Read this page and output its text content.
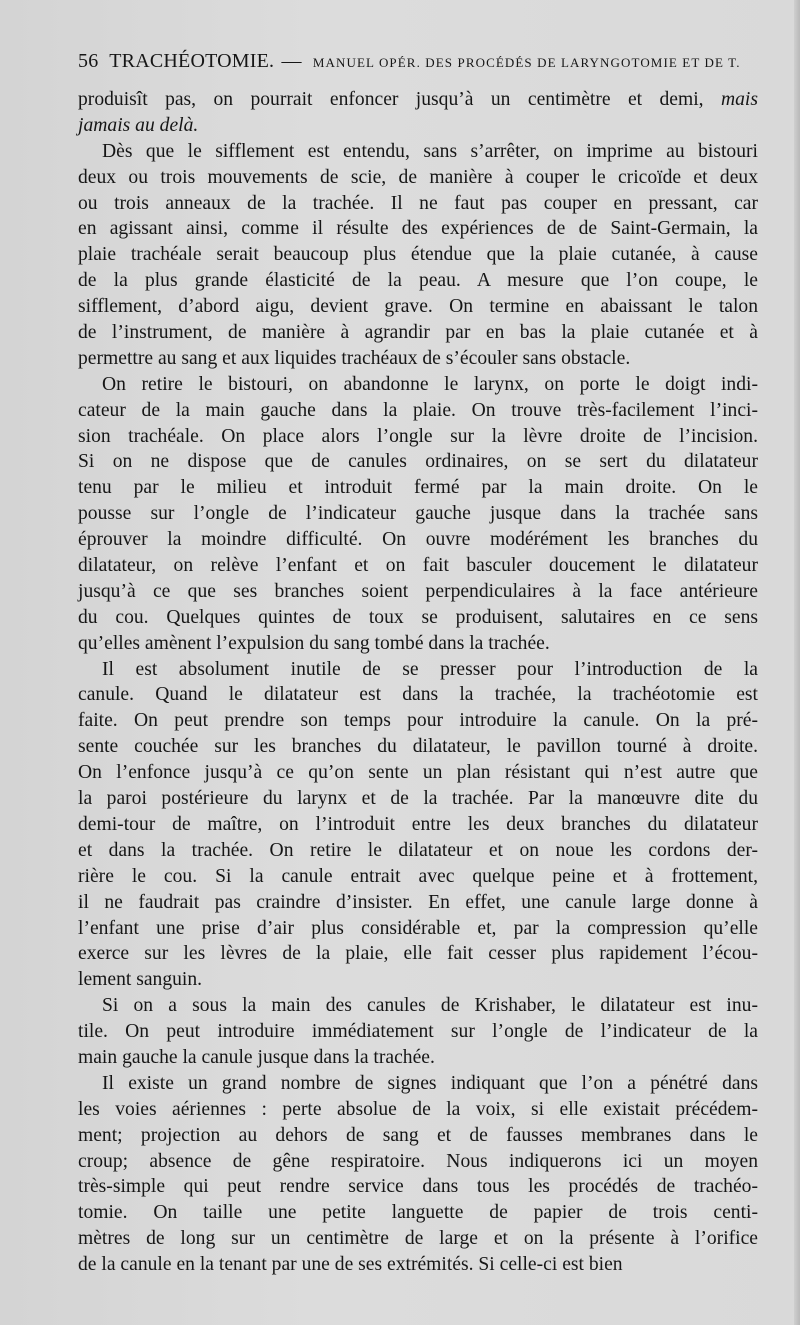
56 TRACHÉOTOMIE. — MANUEL OPÉR. DES PROCÉDÉS DE LARYNGOTOMIE ET DE T.
produisît pas, on pourrait enfoncer jusqu’à un centimètre et demi, mais
jamais au delà.
Dès que le sifflement est entendu, sans s’arrêter, on imprime au bistouri
deux ou trois mouvements de scie, de manière à couper le cricoïde et deux
ou trois anneaux de la trachée. Il ne faut pas couper en pressant, car
en agissant ainsi, comme il résulte des expériences de de Saint-Germain, la
plaie trachéale serait beaucoup plus étendue que la plaie cutanée, à cause
de la plus grande élasticité de la peau. A mesure que l’on coupe, le
sifflement, d’abord aigu, devient grave. On termine en abaissant le talon
de l’instrument, de manière à agrandir par en bas la plaie cutanée et à
permettre au sang et aux liquides trachéaux de s’écouler sans obstacle.
On retire le bistouri, on abandonne le larynx, on porte le doigt indi-
cateur de la main gauche dans la plaie. On trouve très-facilement l’inci-
sion trachéale. On place alors l’ongle sur la lèvre droite de l’incision.
Si on ne dispose que de canules ordinaires, on se sert du dilatateur
tenu par le milieu et introduit fermé par la main droite. On le
pousse sur l’ongle de l’indicateur gauche jusque dans la trachée sans
éprouver la moindre difficulté. On ouvre modérément les branches du
dilatateur, on relève l’enfant et on fait basculer doucement le dilatateur
jusqu’à ce que ses branches soient perpendiculaires à la face antérieure
du cou. Quelques quintes de toux se produisent, salutaires en ce sens
qu’elles amènent l’expulsion du sang tombé dans la trachée.
Il est absolument inutile de se presser pour l’introduction de la
canule. Quand le dilatateur est dans la trachée, la trachéotomie est
faite. On peut prendre son temps pour introduire la canule. On la pré-
sente couchée sur les branches du dilatateur, le pavillon tourné à droite.
On l’enfonce jusqu’à ce qu’on sente un plan résistant qui n’est autre que
la paroi postérieure du larynx et de la trachée. Par la manœuvre dite du
demi-tour de maître, on l’introduit entre les deux branches du dilatateur
et dans la trachée. On retire le dilatateur et on noue les cordons der-
rière le cou. Si la canule entrait avec quelque peine et à frottement,
il ne faudrait pas craindre d’insister. En effet, une canule large donne à
l’enfant une prise d’air plus considérable et, par la compression qu’elle
exerce sur les lèvres de la plaie, elle fait cesser plus rapidement l’écou-
lement sanguin.
Si on a sous la main des canules de Krishaber, le dilatateur est inu-
tile. On peut introduire immédiatement sur l’ongle de l’indicateur de la
main gauche la canule jusque dans la trachée.
Il existe un grand nombre de signes indiquant que l’on a pénétré dans
les voies aériennes : perte absolue de la voix, si elle existait précédem-
ment; projection au dehors de sang et de fausses membranes dans le
croup; absence de gêne respiratoire. Nous indiquerons ici un moyen
très-simple qui peut rendre service dans tous les procédés de trachéo-
tomie. On taille une petite languette de papier de trois centi-
mètres de long sur un centimètre de large et on la présente à l’orifice
de la canule en la tenant par une de ses extrémités. Si celle-ci est bien
